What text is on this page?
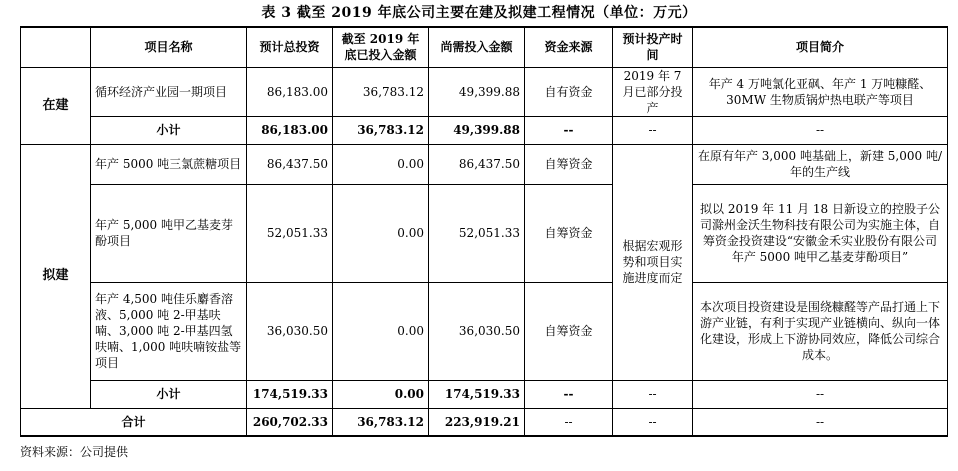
表 3 截至 2019 年底公司主要在建及拟建工程情况（单位：万元）
	项目名称	预计总投资	截至 2019 年底已投入金额	尚需投入金额	资金来源	预计投产时间	项目简介
在建	循环经济产业园一期项目	86,183.00	36,783.12	49,399.88	自有资金	2019 年 7 月已部分投产	年产 4 万吨氯化亚砜、年产 1 万吨糠醛、30MW 生物质锅炉热电联产等项目
	小计	86,183.00	36,783.12	49,399.88	--	--	--
拟建	年产 5000 吨三氯蔗糖项目	86,437.50	0.00	86,437.50	自筹资金	根据宏观形势和项目实施进度而定	在原有年产 3,000 吨基础上，新建 5,000 吨/年的生产线
	年产 5,000 吨甲乙基麦芽酚项目	52,051.33	0.00	52,051.33	自筹资金		拟以 2019 年 11 月 18 日新设立的控股子公司滁州金沃生物科技有限公司为实施主体，自筹资金投资建设“安徽金禾实业股份有限公司年产 5000 吨甲乙基麦芽酚项目”
	年产 4,500 吨佳乐麝香溶液、5,000 吨 2-甲基呋喃、3,000 吨 2-甲基四氢呋喃、1,000 吨呋喃铵盐等项目	36,030.50	0.00	36,030.50	自筹资金		本次项目投资建设是围绕糠醛等产品打通上下游产业链，有利于实现产业链横向、纵向一体化建设，形成上下游协同效应，降低公司综合成本。
	小计	174,519.33	0.00	174,519.33	--	--	--
合计		260,702.33	36,783.12	223,919.21	--	--	--
资料来源：公司提供
